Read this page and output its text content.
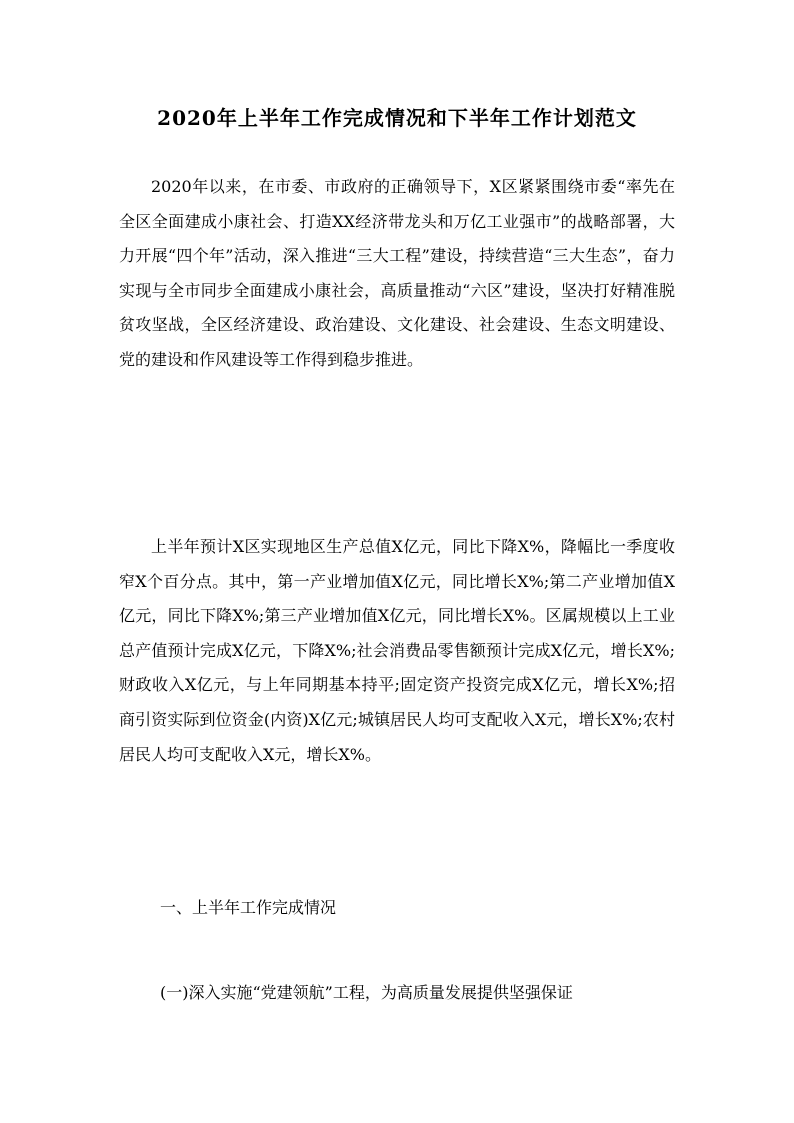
2020年上半年工作完成情况和下半年工作计划范文

2020年以来，在市委、市政府的正确领导下，X区紧紧围绕市委“率先在全区全面建成小康社会、打造XX经济带龙头和万亿工业强市”的战略部署，大力开展“四个年”活动，深入推进“三大工程”建设，持续营造“三大生态”，奋力实现与全市同步全面建成小康社会，高质量推动“六区”建设，坚决打好精准脱贫攻坚战，全区经济建设、政治建设、文化建设、社会建设、生态文明建设、党的建设和作风建设等工作得到稳步推进。

上半年预计X区实现地区生产总值X亿元，同比下降X%，降幅比一季度收窄X个百分点。其中，第一产业增加值X亿元，同比增长X%;第二产业增加值X亿元，同比下降X%;第三产业增加值X亿元，同比增长X%。区属规模以上工业总产值预计完成X亿元，下降X%;社会消费品零售额预计完成X亿元，增长X%;财政收入X亿元，与上年同期基本持平;固定资产投资完成X亿元，增长X%;招商引资实际到位资金(内资)X亿元;城镇居民人均可支配收入X元，增长X%;农村居民人均可支配收入X元，增长X%。

一、上半年工作完成情况
(一)深入实施“党建领航”工程，为高质量发展提供坚强保证
